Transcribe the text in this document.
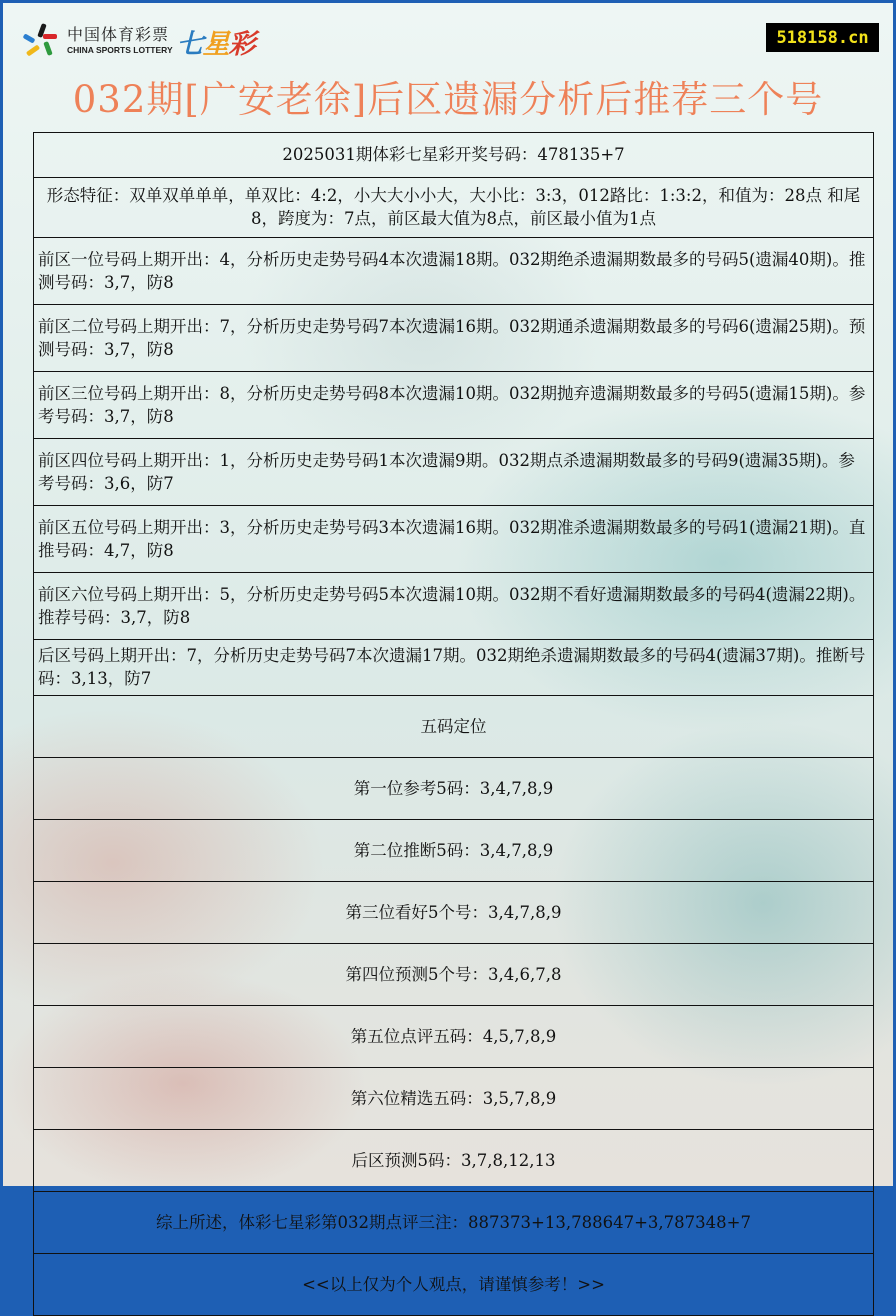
中国体育彩票
CHINA SPORTS LOTTERY 七星彩	518158.cn
032期[广安老徐]后区遗漏分析后推荐三个号
2025031期体彩七星彩开奖号码：478135+7
形态特征：双单双单单单，单双比：4:2，小大大小小大，大小比：3:3，012路比：1:3:2，和值为：28点 和尾8，跨度为：7点，前区最大值为8点，前区最小值为1点
前区一位号码上期开出：4，分析历史走势号码4本次遗漏18期。032期绝杀遗漏期数最多的号码5(遗漏40期)。推测号码：3,7，防8
前区二位号码上期开出：7，分析历史走势号码7本次遗漏16期。032期通杀遗漏期数最多的号码6(遗漏25期)。预测号码：3,7，防8
前区三位号码上期开出：8，分析历史走势号码8本次遗漏10期。032期抛弃遗漏期数最多的号码5(遗漏15期)。参考号码：3,7，防8
前区四位号码上期开出：1，分析历史走势号码1本次遗漏9期。032期点杀遗漏期数最多的号码9(遗漏35期)。参考号码：3,6，防7
前区五位号码上期开出：3，分析历史走势号码3本次遗漏16期。032期准杀遗漏期数最多的号码1(遗漏21期)。直推号码：4,7，防8
前区六位号码上期开出：5，分析历史走势号码5本次遗漏10期。032期不看好遗漏期数最多的号码4(遗漏22期)。推荐号码：3,7，防8
后区号码上期开出：7，分析历史走势号码7本次遗漏17期。032期绝杀遗漏期数最多的号码4(遗漏37期)。推断号码：3,13，防7
五码定位
第一位参考5码：3,4,7,8,9
第二位推断5码：3,4,7,8,9
第三位看好5个号：3,4,7,8,9
第四位预测5个号：3,4,6,7,8
第五位点评五码：4,5,7,8,9
第六位精选五码：3,5,7,8,9
后区预测5码：3,7,8,12,13
综上所述，体彩七星彩第032期点评三注：887373+13,788647+3,787348+7
<<以上仅为个人观点，请谨慎参考！>>
